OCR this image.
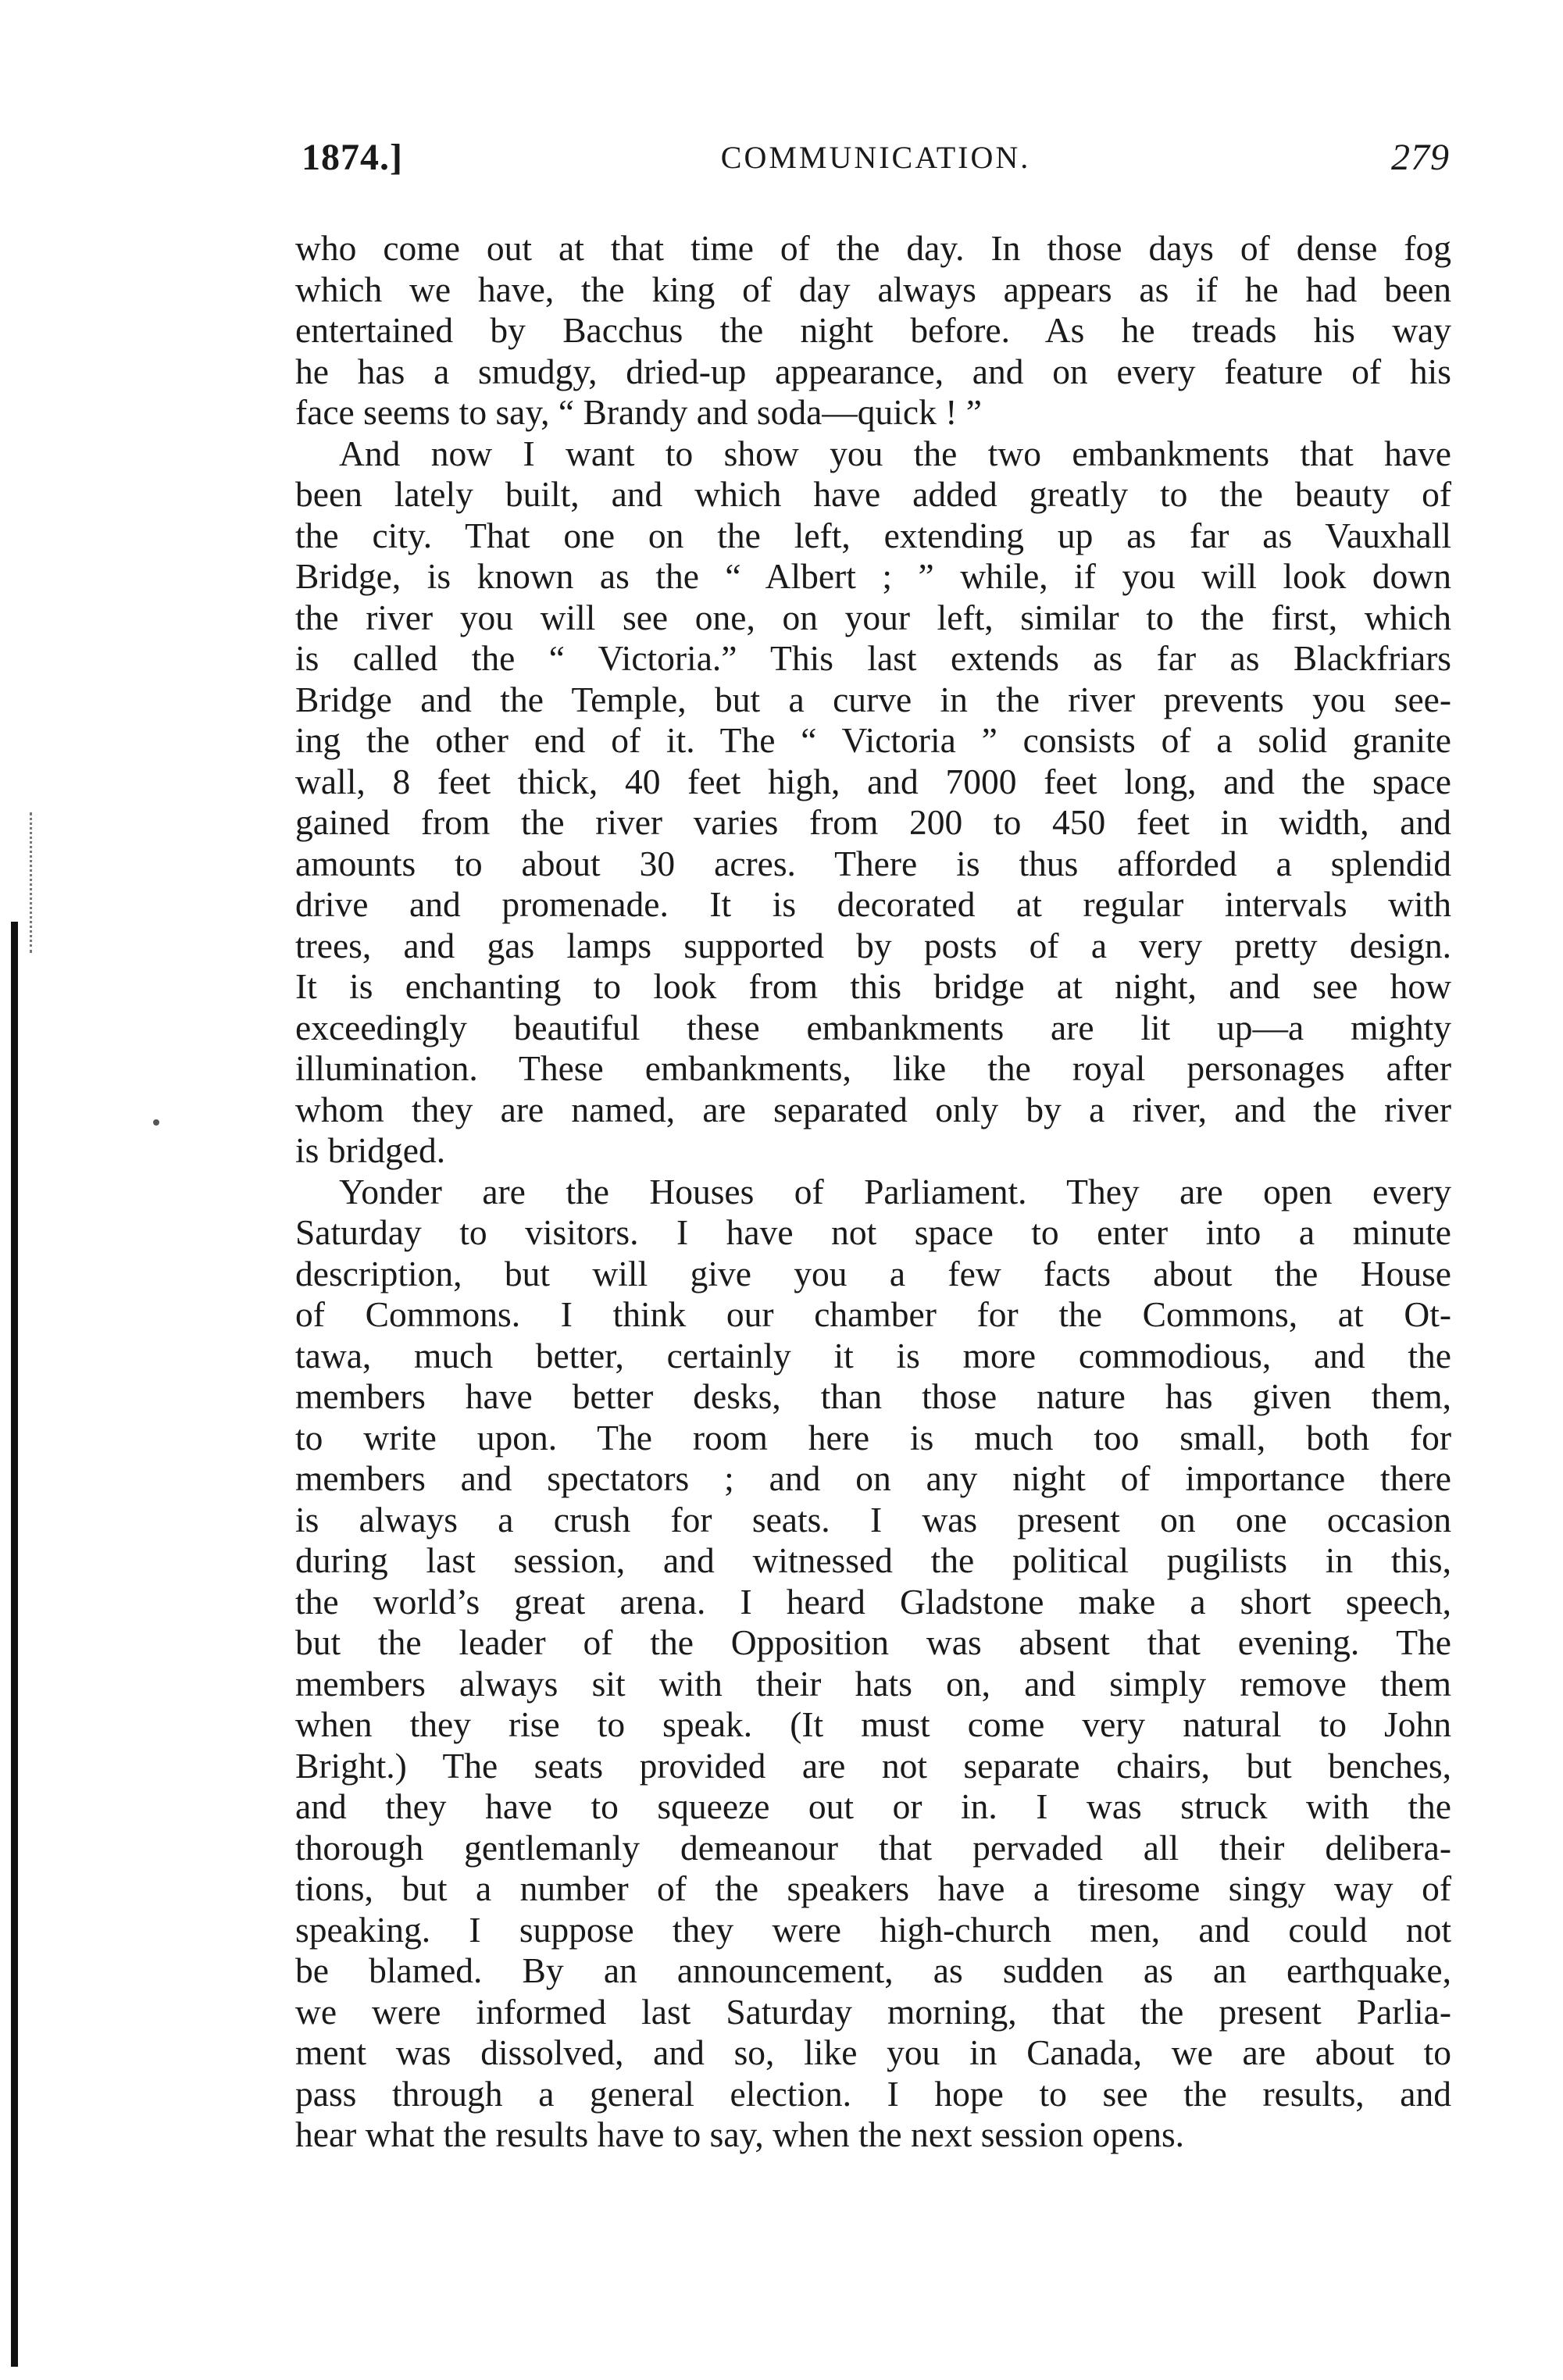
1874.]	COMMUNICATION.	279
who come out at that time of the day. In those days of dense fog
which we have, the king of day always appears as if he had been
entertained by Bacchus the night before. As he treads his way
he has a smudgy, dried-up appearance, and on every feature of his
face seems to say, “ Brandy and soda—quick ! ”
And now I want to show you the two embankments that have
been lately built, and which have added greatly to the beauty of
the city. That one on the left, extending up as far as Vauxhall
Bridge, is known as the “ Albert ; ” while, if you will look down
the river you will see one, on your left, similar to the first, which
is called the “ Victoria.” This last extends as far as Blackfriars
Bridge and the Temple, but a curve in the river prevents you see-
ing the other end of it. The “ Victoria ” consists of a solid granite
wall, 8 feet thick, 40 feet high, and 7000 feet long, and the space
gained from the river varies from 200 to 450 feet in width, and
amounts to about 30 acres. There is thus afforded a splendid
drive and promenade. It is decorated at regular intervals with
trees, and gas lamps supported by posts of a very pretty design.
It is enchanting to look from this bridge at night, and see how
exceedingly beautiful these embankments are lit up—a mighty
illumination. These embankments, like the royal personages after
whom they are named, are separated only by a river, and the river
is bridged.
Yonder are the Houses of Parliament. They are open every
Saturday to visitors. I have not space to enter into a minute
description, but will give you a few facts about the House
of Commons. I think our chamber for the Commons, at Ot-
tawa, much better, certainly it is more commodious, and the
members have better desks, than those nature has given them,
to write upon. The room here is much too small, both for
members and spectators ; and on any night of importance there
is always a crush for seats. I was present on one occasion
during last session, and witnessed the political pugilists in this,
the world’s great arena. I heard Gladstone make a short speech,
but the leader of the Opposition was absent that evening. The
members always sit with their hats on, and simply remove them
when they rise to speak. (It must come very natural to John
Bright.) The seats provided are not separate chairs, but benches,
and they have to squeeze out or in. I was struck with the
thorough gentlemanly demeanour that pervaded all their delibera-
tions, but a number of the speakers have a tiresome singy way of
speaking. I suppose they were high-church men, and could not
be blamed. By an announcement, as sudden as an earthquake,
we were informed last Saturday morning, that the present Parlia-
ment was dissolved, and so, like you in Canada, we are about to
pass through a general election. I hope to see the results, and
hear what the results have to say, when the next session opens.
